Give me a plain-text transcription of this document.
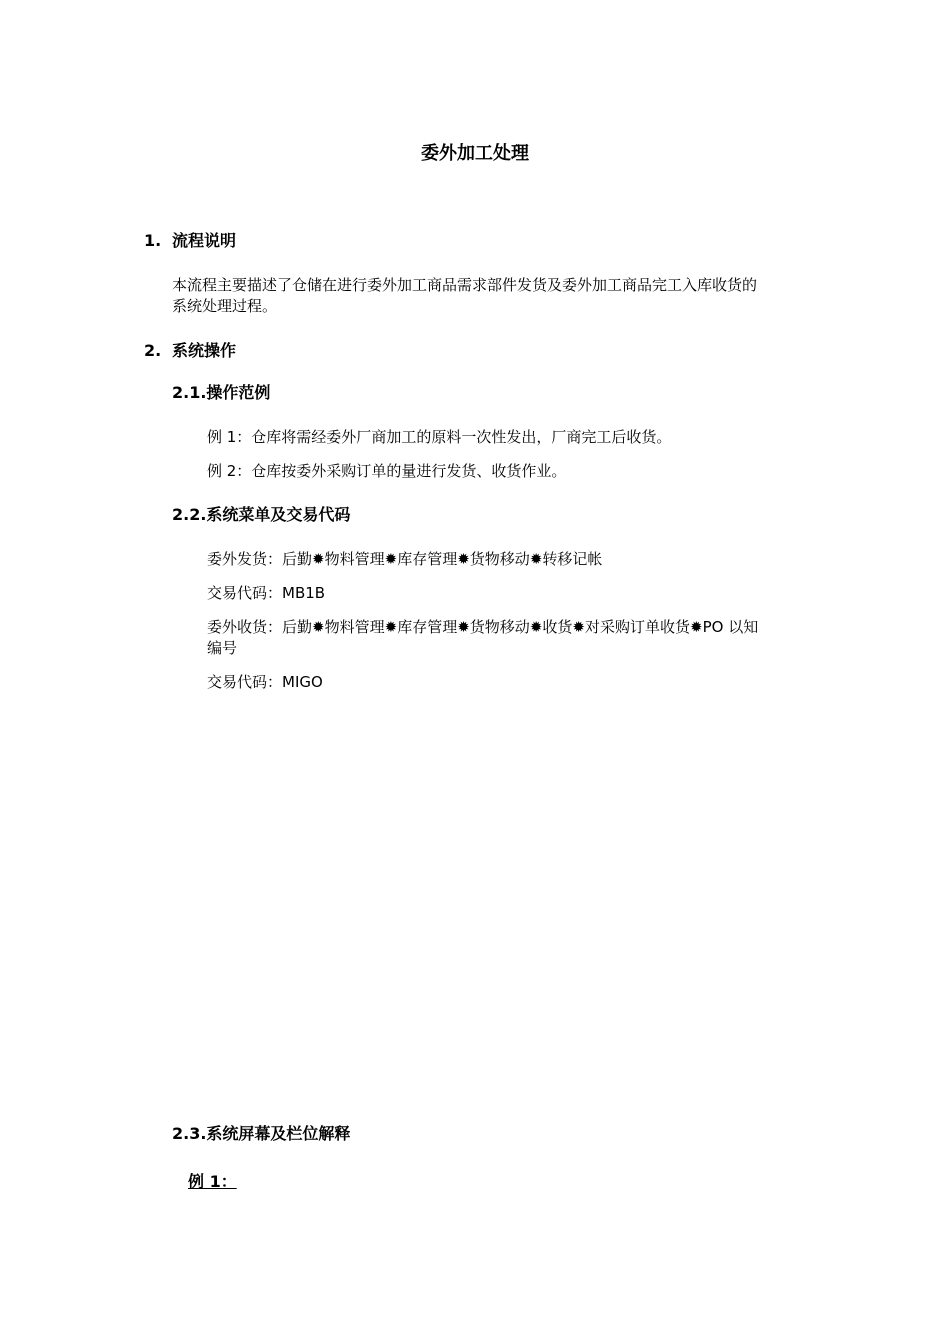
委外加工处理
1. 流程说明
本流程主要描述了仓储在进行委外加工商品需求部件发货及委外加工商品完工入库收货的
系统处理过程。
2. 系统操作
2.1.操作范例
例 1：仓库将需经委外厂商加工的原料一次性发出，厂商完工后收货。
例 2：仓库按委外采购订单的量进行发货、收货作业。
2.2.系统菜单及交易代码
委外发货：后勤✹物料管理✹库存管理✹货物移动✹转移记帐
交易代码：MB1B
委外收货：后勤✹物料管理✹库存管理✹货物移动✹收货✹对采购订单收货✹PO 以知
编号
交易代码：MIGO
2.3.系统屏幕及栏位解释
例 1：
